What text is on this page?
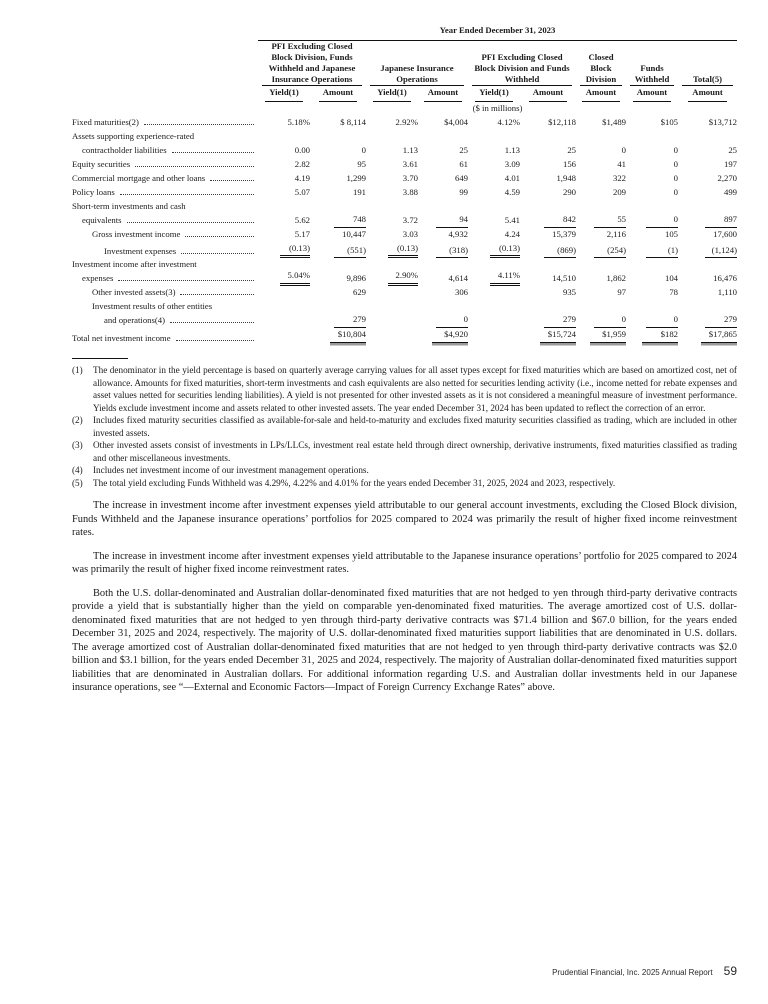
	Year Ended December 31, 2023								

	PFI Excluding Closed Block Division, Funds Withheld and Japanese Insurance Operations		Japanese Insurance Operations		PFI Excluding Closed Block Division and Funds Withheld		Closed Block Division	Funds Withheld	Total(5)

	Yield(1)	Amount	Yield(1)	Amount	Yield(1)	Amount	Amount	Amount	Amount
	($ in millions)								

Fixed maturities(2)	5.18%	$ 8,114	2.92%	$4,004	4.12%	$12,118	$1,489	$105	$13,712

Assets supporting experience-rated
contractholder liabilities	0.00	0	1.13	25	1.13	25	0	0	25

Equity securities	2.82	95	3.61	61	3.09	156	41	0	197

Commercial mortgage and other loans	4.19	1,299	3.70	649	4.01	1,948	322	0	2,270

Policy loans	5.07	191	3.88	99	4.59	290	209	0	499

Short-term investments and cash
equivalents	5.62	748	3.72	94	5.41	842	55	0	897

Gross investment income	5.17	10,447	3.03	4,932	4.24	15,379	2,116	105	17,600

Investment expenses	(0.13)	(551)	(0.13)	(318)	(0.13)	(869)	(254)	(1)	(1,124)

Investment income after investment
expenses	5.04%	9,896	2.90%	4,614	4.11%	14,510	1,862	104	16,476

Other invested assets(3)		629		306		935	97	78	1,110

Investment results of other entities
and operations(4)		279		0		279	0	0	279

Total net investment income		$10,804		$4,920		$15,724	$1,959	$182	$17,865
(1)	The denominator in the yield percentage is based on quarterly average carrying values for all asset types except for fixed maturities which are based on amortized cost, net of allowance. Amounts for fixed maturities, short-term investments and cash equivalents are also netted for securities lending activity (i.e., income netted for rebate expenses and asset values netted for securities lending liabilities). A yield is not presented for other invested assets as it is not considered a meaningful measure of investment performance. Yields exclude investment income and assets related to other invested assets. The year ended December 31, 2024 has been updated to reflect the correction of an error.
(2)	Includes fixed maturity securities classified as available-for-sale and held-to-maturity and excludes fixed maturity securities classified as trading, which are included in other invested assets.
(3)	Other invested assets consist of investments in LPs/LLCs, investment real estate held through direct ownership, derivative instruments, fixed maturities classified as trading and other miscellaneous investments.
(4)	Includes net investment income of our investment management operations.
(5)	The total yield excluding Funds Withheld was 4.29%, 4.22% and 4.01% for the years ended December 31, 2025, 2024 and 2023, respectively.

The increase in investment income after investment expenses yield attributable to our general account investments, excluding the Closed Block division, Funds Withheld and the Japanese insurance operations’ portfolios for 2025 compared to 2024 was primarily the result of higher fixed income reinvestment rates.

The increase in investment income after investment expenses yield attributable to the Japanese insurance operations’ portfolio for 2025 compared to 2024 was primarily the result of higher fixed income reinvestment rates.

Both the U.S. dollar-denominated and Australian dollar-denominated fixed maturities that are not hedged to yen through third-party derivative contracts provide a yield that is substantially higher than the yield on comparable yen-denominated fixed maturities. The average amortized cost of U.S. dollar-denominated fixed maturities that are not hedged to yen through third-party derivative contracts was $71.4 billion and $67.0 billion, for the years ended December 31, 2025 and 2024, respectively. The majority of U.S. dollar-denominated fixed maturities support liabilities that are denominated in U.S. dollars. The average amortized cost of Australian dollar-denominated fixed maturities that are not hedged to yen through third-party derivative contracts was $2.0 billion and $3.1 billion, for the years ended December 31, 2025 and 2024, respectively. The majority of Australian dollar-denominated fixed maturities support liabilities that are denominated in Australian dollars. For additional information regarding U.S. and Australian dollar investments held in our Japanese insurance operations, see “—External and Economic Factors—Impact of Foreign Currency Exchange Rates” above.

Prudential Financial, Inc. 2025 Annual Report 59
